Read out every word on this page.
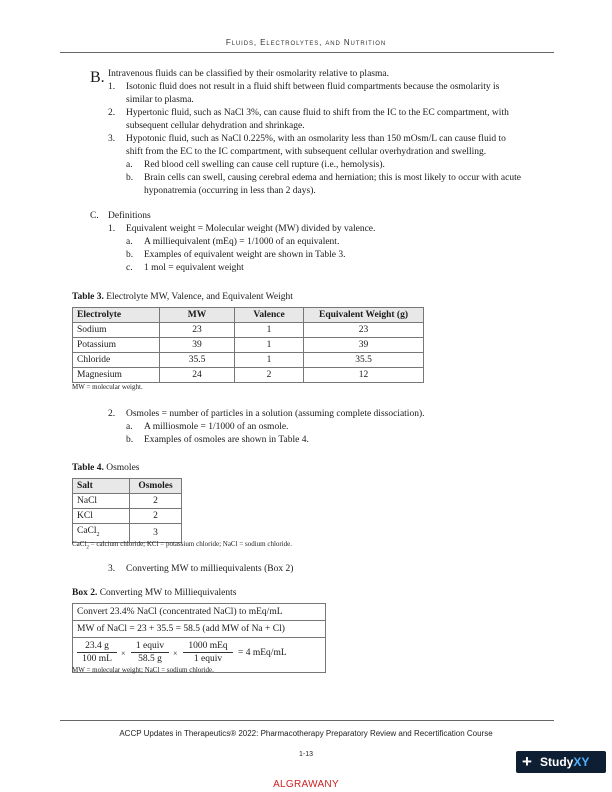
Fluids, Electrolytes, and Nutrition
B. Intravenous fluids can be classified by their osmolarity relative to plasma.
1. Isotonic fluid does not result in a fluid shift between fluid compartments because the osmolarity is
similar to plasma.
2. Hypertonic fluid, such as NaCl 3%, can cause fluid to shift from the IC to the EC compartment, with
subsequent cellular dehydration and shrinkage.
3. Hypotonic fluid, such as NaCl 0.225%, with an osmolarity less than 150 mOsm/L can cause fluid to
shift from the EC to the IC compartment, with subsequent cellular overhydration and swelling.
a. Red blood cell swelling can cause cell rupture (i.e., hemolysis).
b. Brain cells can swell, causing cerebral edema and herniation; this is most likely to occur with acute
hyponatremia (occurring in less than 2 days).
C. Definitions
1. Equivalent weight = Molecular weight (MW) divided by valence.
a. A milliequivalent (mEq) = 1/1000 of an equivalent.
b. Examples of equivalent weight are shown in Table 3.
c. 1 mol = equivalent weight
Table 3. Electrolyte MW, Valence, and Equivalent Weight
Electrolyte	MW	Valence	Equivalent Weight (g)
Sodium	23	1	23
Potassium	39	1	39
Chloride	35.5	1	35.5
Magnesium	24	2	12
MW = molecular weight.
2. Osmoles = number of particles in a solution (assuming complete dissociation).
a. A milliosmole = 1/1000 of an osmole.
b. Examples of osmoles are shown in Table 4.
Table 4. Osmoles
Salt	Osmoles
NaCl	2
KCl	2
CaCl$_2$	3
CaCl$_2$ = calcium chloride; KCl = potassium chloride; NaCl = sodium chloride.
3. Converting MW to milliequivalents (Box 2)
Box 2. Converting MW to Milliequivalents
Convert 23.4% NaCl (concentrated NaCl) to mEq/mL
MW of NaCl = 23 + 35.5 = 58.5 (add MW of Na + Cl)
$\frac{23.4 g}{100 mL}$ ×
1 equiv
58.5 g
×
1000 mEq
1 equiv
= 4 mEq/mL
MW = molecular weight; NaCl = sodium chloride.
ACCP Updates in Therapeutics® 2022: Pharmacotherapy Preparatory Review and Recertification Course
1-13	+ StudyXY
ALGRAWANY
